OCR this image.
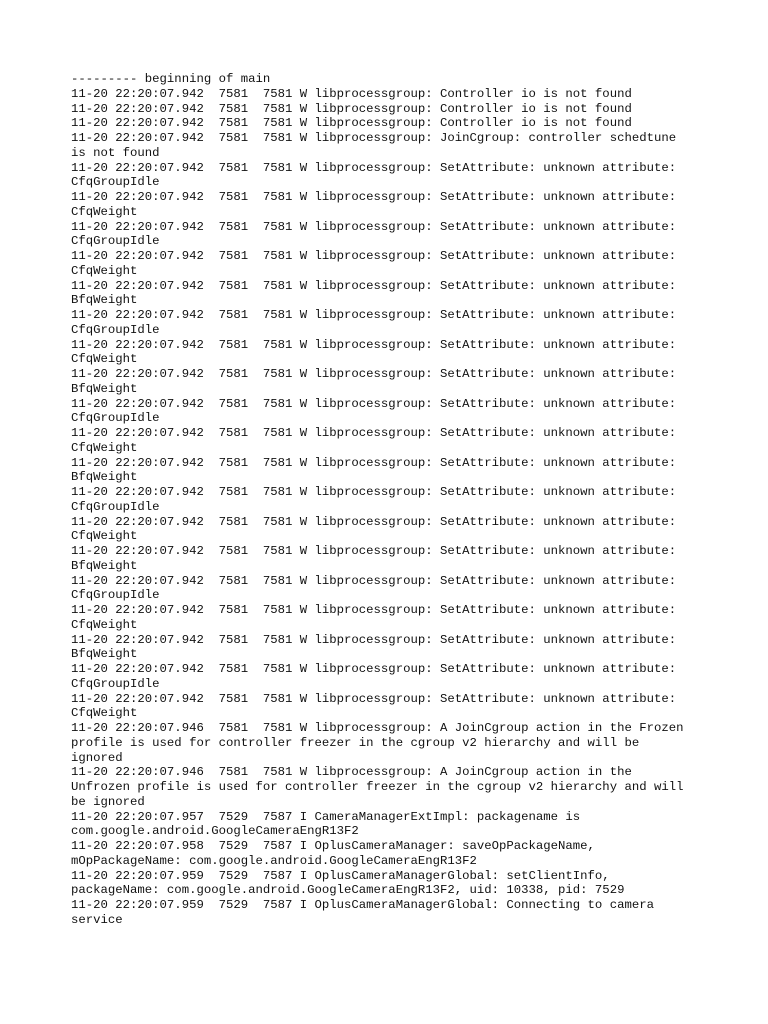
--------- beginning of main
11-20 22:20:07.942  7581  7581 W libprocessgroup: Controller io is not found
11-20 22:20:07.942  7581  7581 W libprocessgroup: Controller io is not found
11-20 22:20:07.942  7581  7581 W libprocessgroup: Controller io is not found
11-20 22:20:07.942  7581  7581 W libprocessgroup: JoinCgroup: controller schedtune
is not found
11-20 22:20:07.942  7581  7581 W libprocessgroup: SetAttribute: unknown attribute:
CfqGroupIdle
11-20 22:20:07.942  7581  7581 W libprocessgroup: SetAttribute: unknown attribute:
CfqWeight
11-20 22:20:07.942  7581  7581 W libprocessgroup: SetAttribute: unknown attribute:
CfqGroupIdle
11-20 22:20:07.942  7581  7581 W libprocessgroup: SetAttribute: unknown attribute:
CfqWeight
11-20 22:20:07.942  7581  7581 W libprocessgroup: SetAttribute: unknown attribute:
BfqWeight
11-20 22:20:07.942  7581  7581 W libprocessgroup: SetAttribute: unknown attribute:
CfqGroupIdle
11-20 22:20:07.942  7581  7581 W libprocessgroup: SetAttribute: unknown attribute:
CfqWeight
11-20 22:20:07.942  7581  7581 W libprocessgroup: SetAttribute: unknown attribute:
BfqWeight
11-20 22:20:07.942  7581  7581 W libprocessgroup: SetAttribute: unknown attribute:
CfqGroupIdle
11-20 22:20:07.942  7581  7581 W libprocessgroup: SetAttribute: unknown attribute:
CfqWeight
11-20 22:20:07.942  7581  7581 W libprocessgroup: SetAttribute: unknown attribute:
BfqWeight
11-20 22:20:07.942  7581  7581 W libprocessgroup: SetAttribute: unknown attribute:
CfqGroupIdle
11-20 22:20:07.942  7581  7581 W libprocessgroup: SetAttribute: unknown attribute:
CfqWeight
11-20 22:20:07.942  7581  7581 W libprocessgroup: SetAttribute: unknown attribute:
BfqWeight
11-20 22:20:07.942  7581  7581 W libprocessgroup: SetAttribute: unknown attribute:
CfqGroupIdle
11-20 22:20:07.942  7581  7581 W libprocessgroup: SetAttribute: unknown attribute:
CfqWeight
11-20 22:20:07.942  7581  7581 W libprocessgroup: SetAttribute: unknown attribute:
BfqWeight
11-20 22:20:07.942  7581  7581 W libprocessgroup: SetAttribute: unknown attribute:
CfqGroupIdle
11-20 22:20:07.942  7581  7581 W libprocessgroup: SetAttribute: unknown attribute:
CfqWeight
11-20 22:20:07.946  7581  7581 W libprocessgroup: A JoinCgroup action in the Frozen
profile is used for controller freezer in the cgroup v2 hierarchy and will be
ignored
11-20 22:20:07.946  7581  7581 W libprocessgroup: A JoinCgroup action in the
Unfrozen profile is used for controller freezer in the cgroup v2 hierarchy and will
be ignored
11-20 22:20:07.957  7529  7587 I CameraManagerExtImpl: packagename is
com.google.android.GoogleCameraEngR13F2
11-20 22:20:07.958  7529  7587 I OplusCameraManager: saveOpPackageName,
mOpPackageName: com.google.android.GoogleCameraEngR13F2
11-20 22:20:07.959  7529  7587 I OplusCameraManagerGlobal: setClientInfo,
packageName: com.google.android.GoogleCameraEngR13F2, uid: 10338, pid: 7529
11-20 22:20:07.959  7529  7587 I OplusCameraManagerGlobal: Connecting to camera
service
